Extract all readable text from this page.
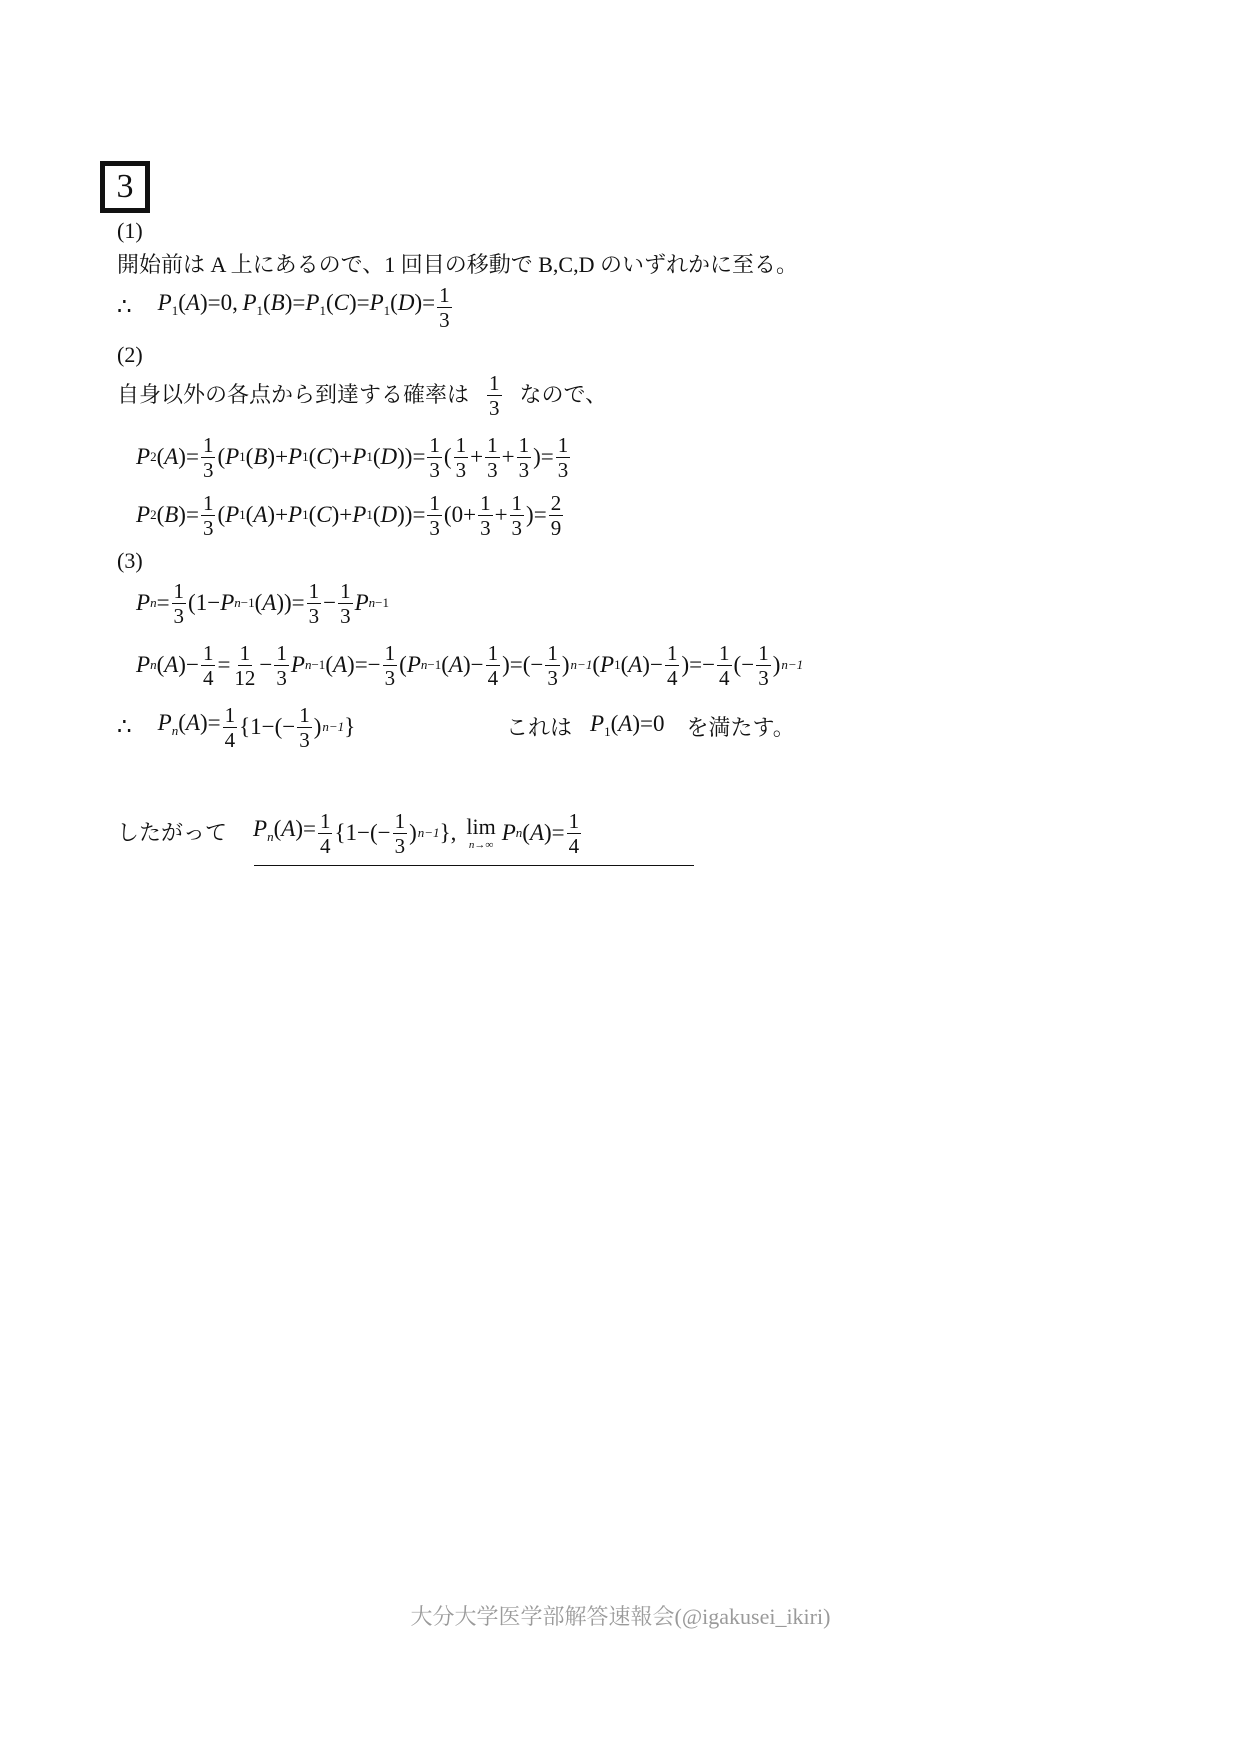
3
(1)
開始前は A 上にあるので、1 回目の移動で B,C,D のいずれかに至る。
∴ $P_1(A)=0$, $P_1(B)=P_1(C)=P_1(D)= \frac{1}{3}$
(2)
自身以外の各点から到達する確率は 1
3
なので、
P 2 ( A )= 1
3
( P 1 ( B )+ P 1 ( C )+ P 1 ( D ))= 1
3
( 1
3
+ 1
3
+ 1
3
)= 1
3
P 2 ( B )= 1
3
( P 1 ( A )+ P 1 ( C )+ P 1 ( D ))= 1
3
(0+ 1
3
+ 1
3
)= 2
9
(3)
P n = 1
3
(1− P n−1 ( A ))= 1
3
− 1
3
P n−1
P n ( A )− 1
4
= 1
12
− 1
3
P n−1 ( A )=− 1
3
( P n−1 ( A )− 1
4
)=(− 1
3
) n−1 ( P 1 ( A )− 1
4
)=− 1
4
(− 1
3
) n−1
∴ $P_n(A)= \frac{1}{4} \{1-(- 1$
3
) n−1 }	これは $P_1(A)=0$ を満たす。
したがって $P_n(A)= \frac{1}{4} \{1-(- 1$
3
) n−1 } , lim
n→∞ P n ( A )= 1
4
大分大学医学部解答速報会(@igakusei_ikiri)
